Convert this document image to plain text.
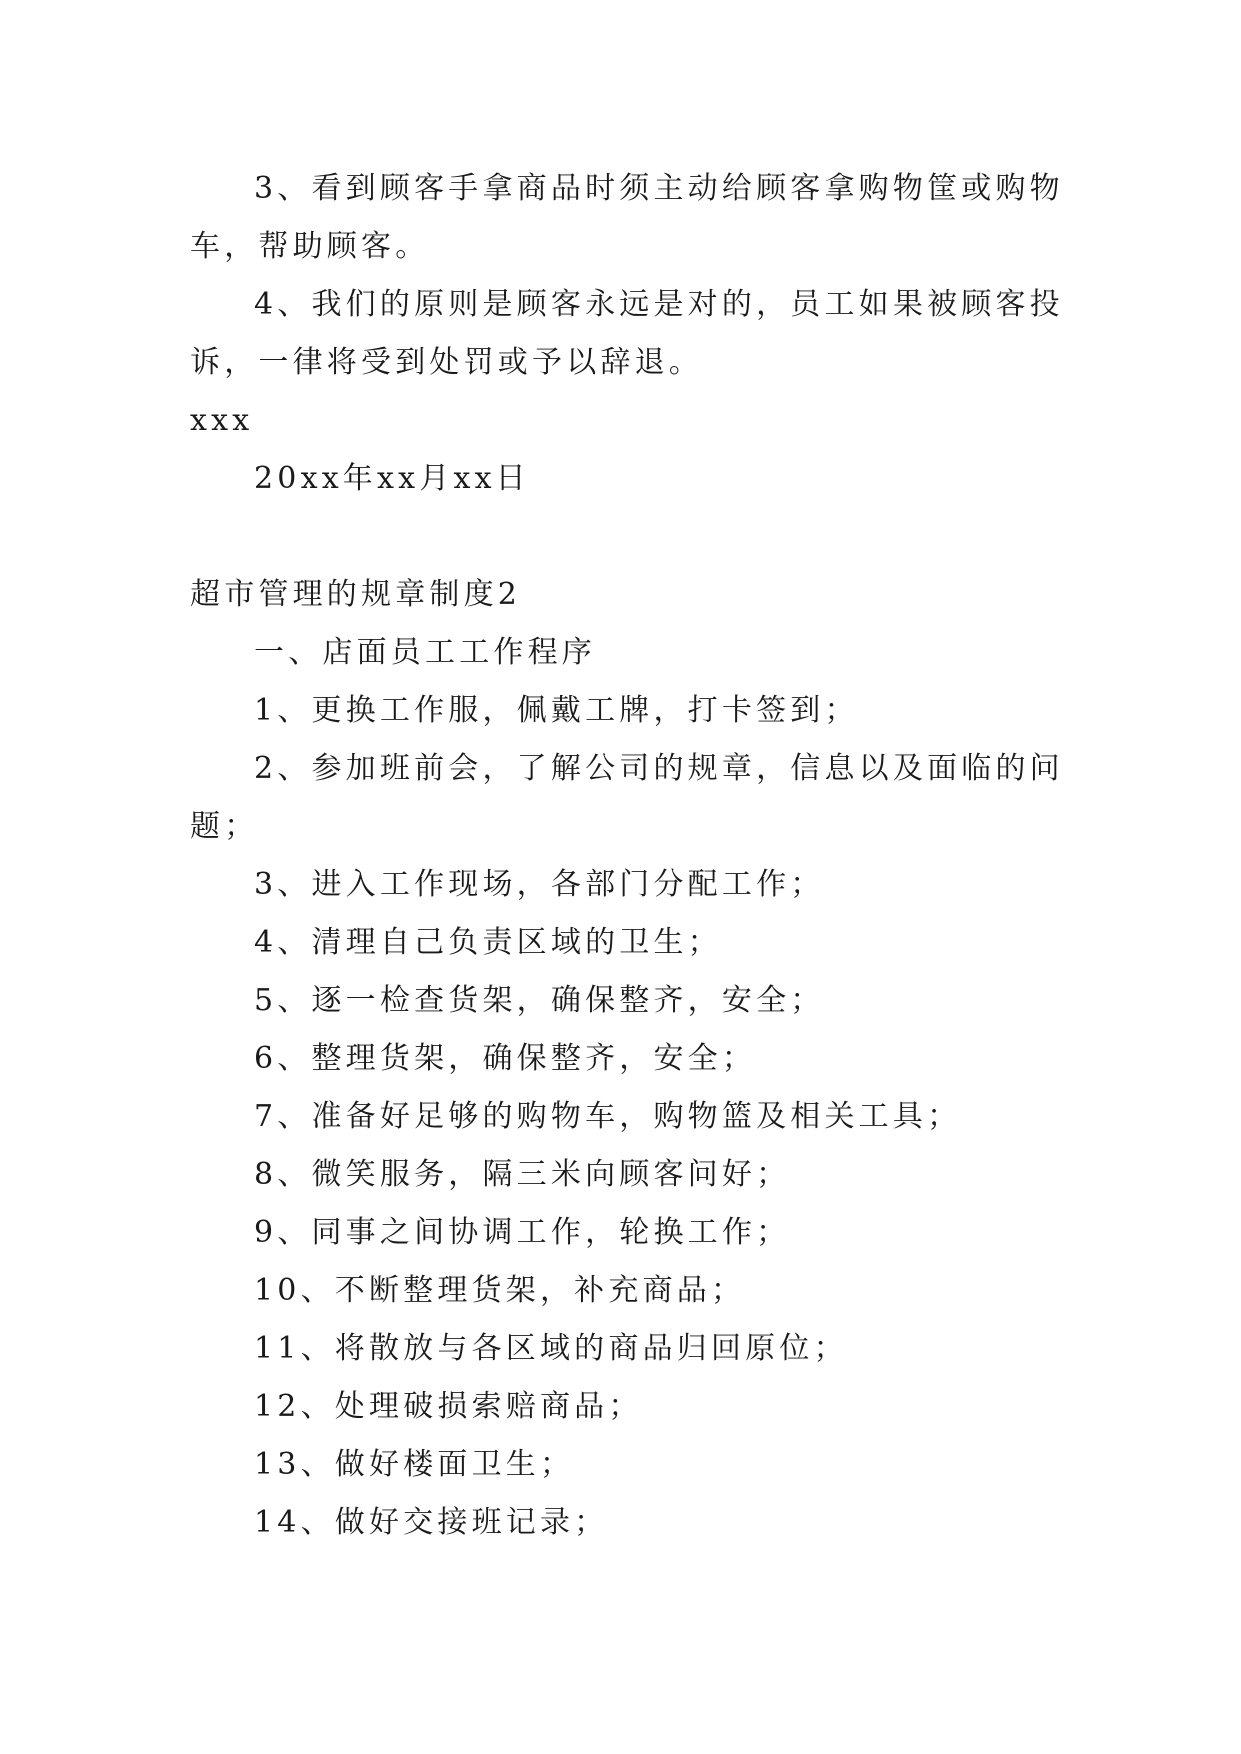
3、看到顾客手拿商品时须主动给顾客拿购物筐或购物车，帮助顾客。

4、我们的原则是顾客永远是对的，员工如果被顾客投诉，一律将受到处罚或予以辞退。

xxx

20xx年xx月xx日

超市管理的规章制度2

一、店面员工工作程序

1、更换工作服，佩戴工牌，打卡签到；

2、参加班前会，了解公司的规章，信息以及面临的问题；

3、进入工作现场，各部门分配工作；

4、清理自己负责区域的卫生；

5、逐一检查货架，确保整齐，安全；

6、整理货架，确保整齐，安全；

7、准备好足够的购物车，购物篮及相关工具；

8、微笑服务，隔三米向顾客问好；

9、同事之间协调工作，轮换工作；

10、不断整理货架，补充商品；

11、将散放与各区域的商品归回原位；

12、处理破损索赔商品；

13、做好楼面卫生；

14、做好交接班记录；
